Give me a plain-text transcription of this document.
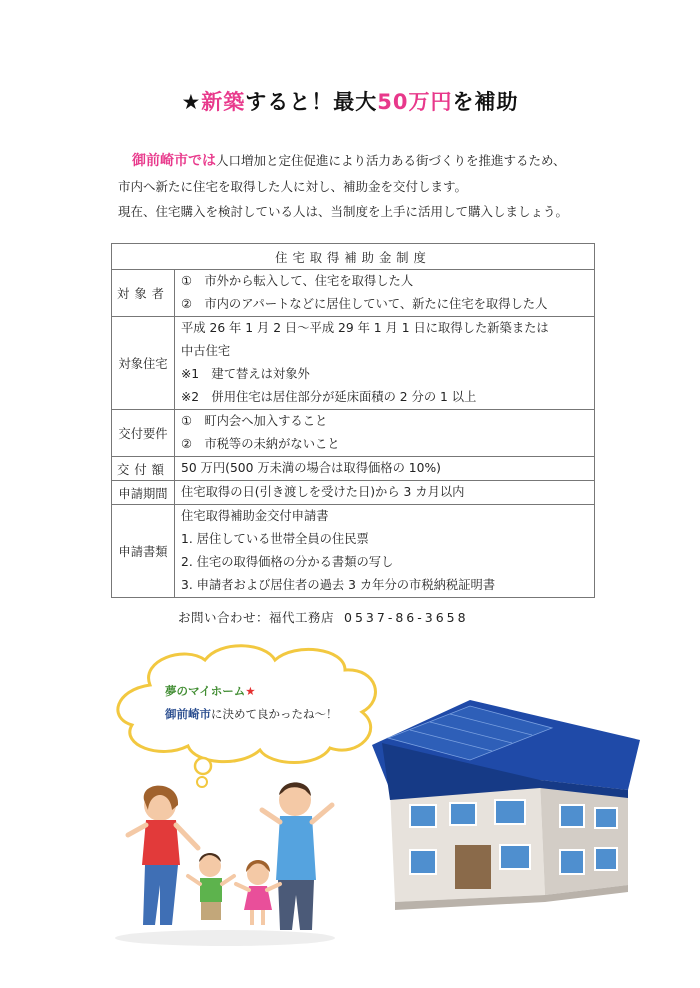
★新築すると！最大50万円を補助
御前崎市では人口増加と定住促進により活力ある街づくりを推進するため、
市内へ新たに住宅を取得した人に対し、補助金を交付します。
現在、住宅購入を検討している人は、当制度を上手に活用して購入しましょう。
住宅取得補助金制度	
対象者	①　市外から転入して、住宅を取得した人
②　市内のアパートなどに居住していて、新たに住宅を取得した人

対象住宅	平成 26 年 1 月 2 日～平成 29 年 1 月 1 日に取得した新築または
中古住宅
※1　建て替えは対象外
※2　併用住宅は居住部分が延床面積の 2 分の 1 以上

交付要件	①　町内会へ加入すること
②　市税等の未納がないこと

交付額	50 万円(500 万未満の場合は取得価格の 10%)

申請期間	住宅取得の日(引き渡しを受けた日)から 3 カ月以内

申請書類	住宅取得補助金交付申請書
1. 居住している世帯全員の住民票
2. 住宅の取得価格の分かる書類の写し
3. 申請者および居住者の過去 3 カ年分の市税納税証明書
お問い合わせ：福代工務店 0537-86-3658
夢のマイホーム★
御前崎市に決めて良かったね～！
